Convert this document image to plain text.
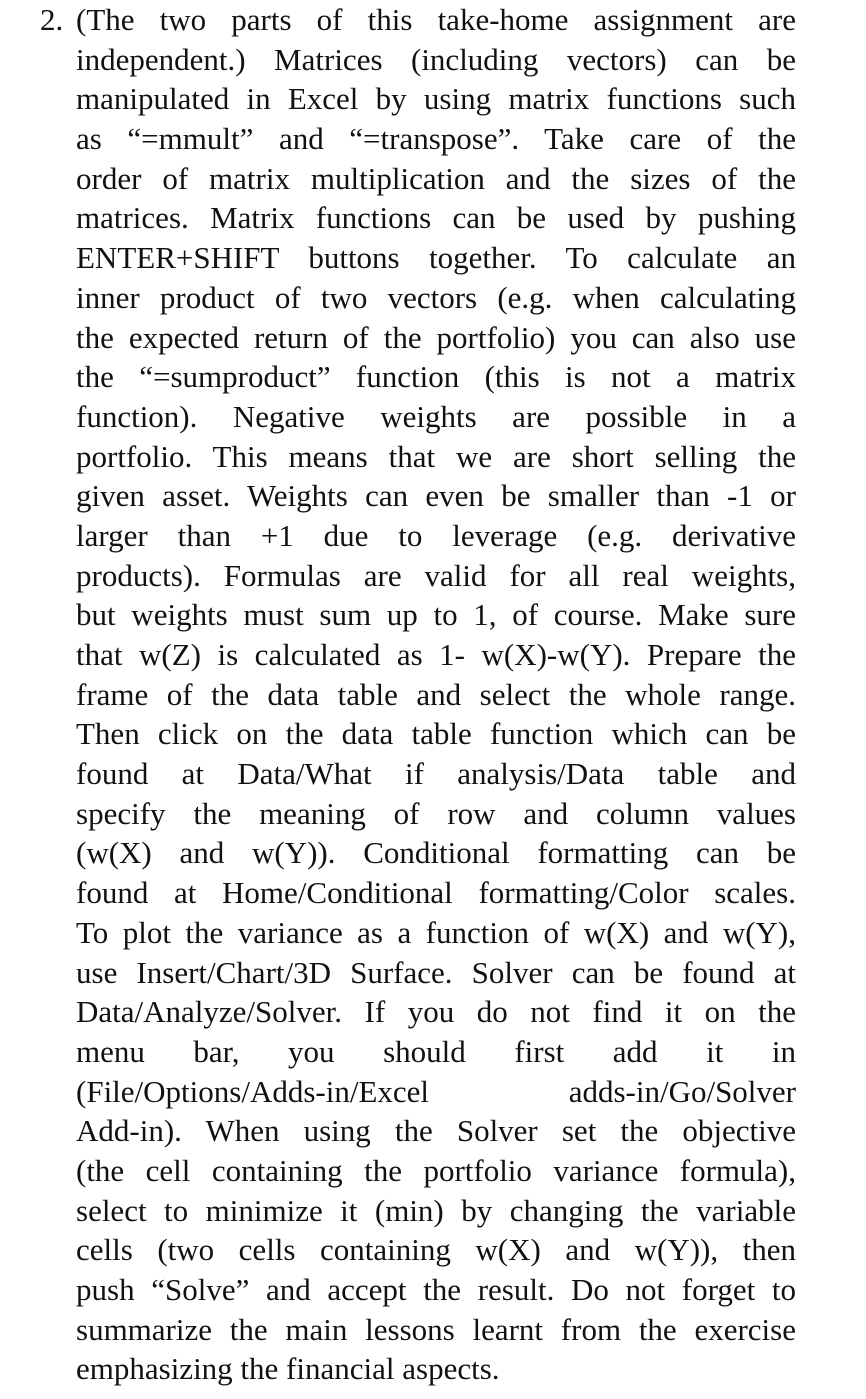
2. (The two parts of this take-home assignment are
independent.) Matrices (including vectors) can be
manipulated in Excel by using matrix functions such
as “=mmult” and “=transpose”. Take care of the
order of matrix multiplication and the sizes of the
matrices. Matrix functions can be used by pushing
ENTER+SHIFT buttons together. To calculate an
inner product of two vectors (e.g. when calculating
the expected return of the portfolio) you can also use
the “=sumproduct” function (this is not a matrix
function). Negative weights are possible in a
portfolio. This means that we are short selling the
given asset. Weights can even be smaller than -1 or
larger than +1 due to leverage (e.g. derivative
products). Formulas are valid for all real weights,
but weights must sum up to 1, of course. Make sure
that w(Z) is calculated as 1- w(X)-w(Y). Prepare the
frame of the data table and select the whole range.
Then click on the data table function which can be
found at Data/What if analysis/Data table and
specify the meaning of row and column values
(w(X) and w(Y)). Conditional formatting can be
found at Home/Conditional formatting/Color scales.
To plot the variance as a function of w(X) and w(Y),
use Insert/Chart/3D Surface. Solver can be found at
Data/Analyze/Solver. If you do not find it on the
menu bar, you should first add it in
(File/Options/Adds-in/Excel adds-in/Go/Solver
Add-in). When using the Solver set the objective
(the cell containing the portfolio variance formula),
select to minimize it (min) by changing the variable
cells (two cells containing w(X) and w(Y)), then
push “Solve” and accept the result. Do not forget to
summarize the main lessons learnt from the exercise
emphasizing the financial aspects.
